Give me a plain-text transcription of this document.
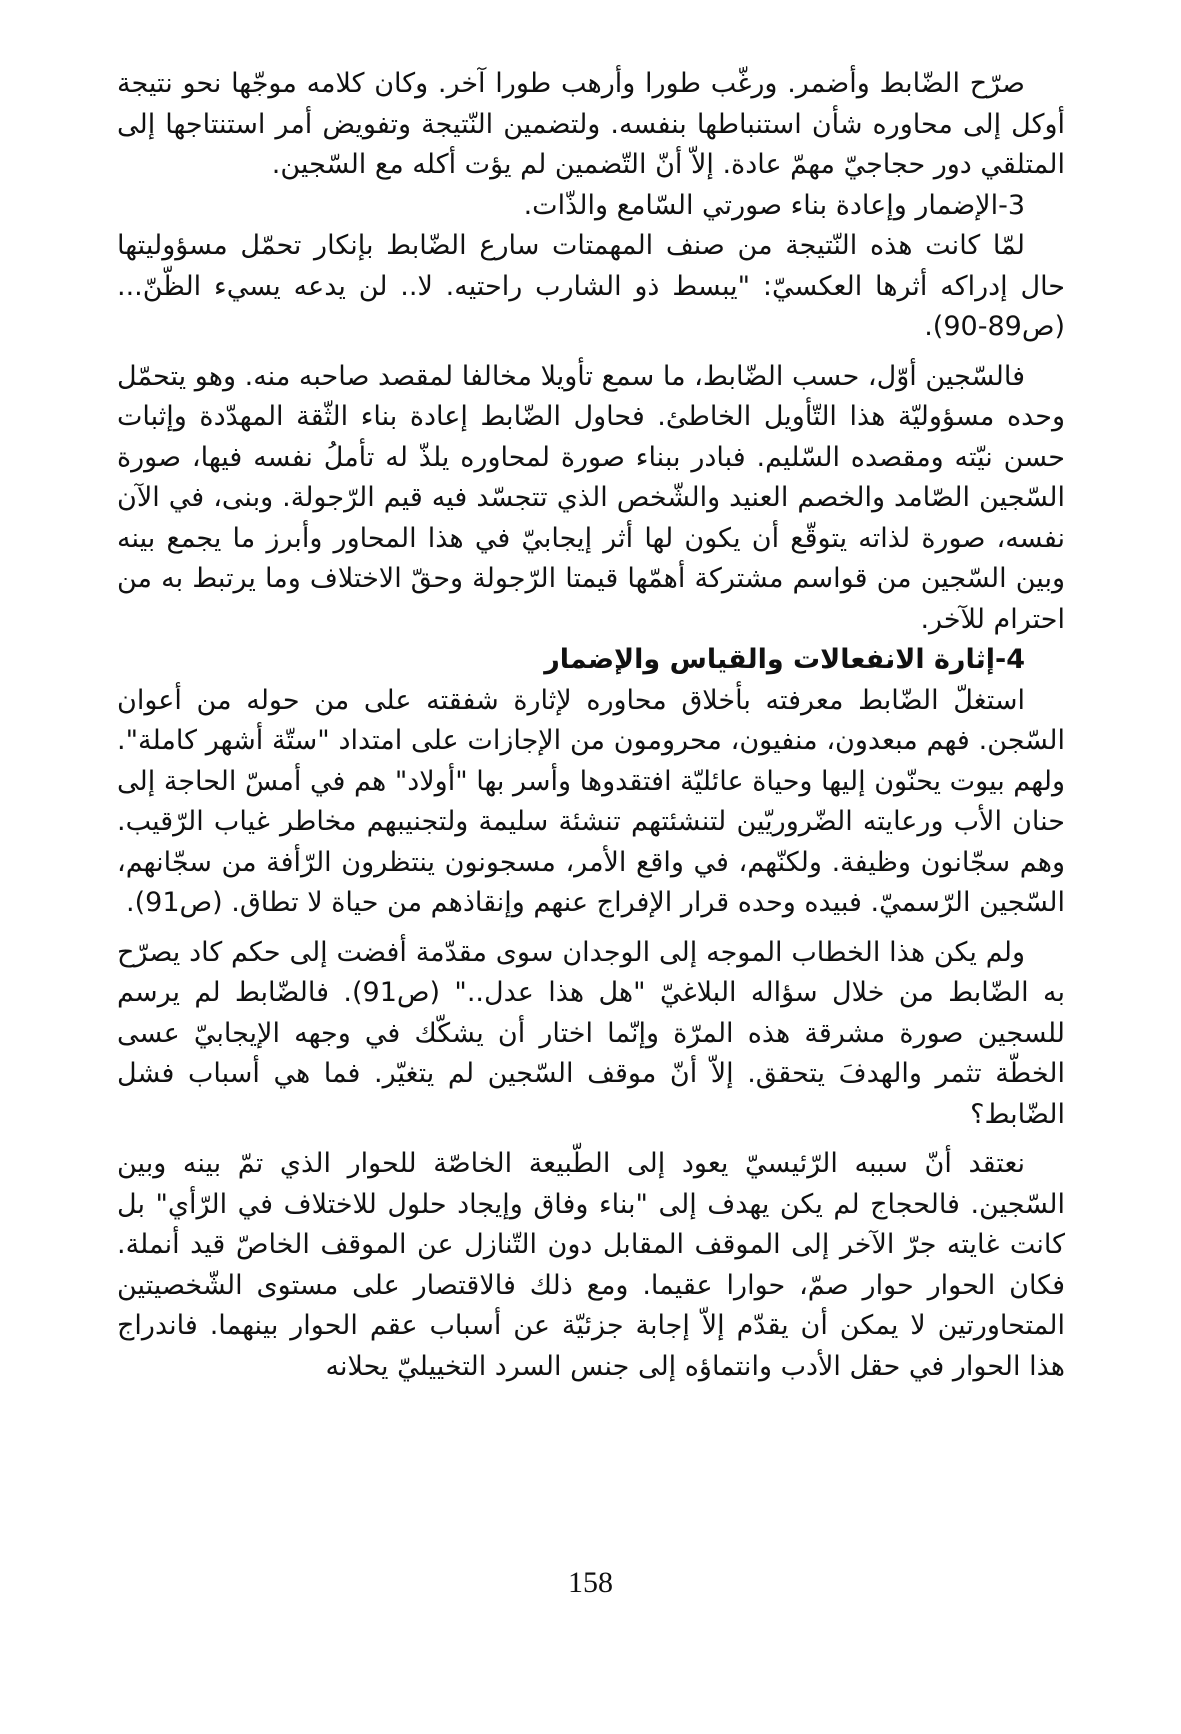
صرّح الضّابط وأضمر. ورغّب طورا وأرهب طورا آخر. وكان كلامه موجّها نحو نتيجة أوكل إلى محاوره شأن استنباطها بنفسه. ولتضمين النّتيجة وتفويض أمر استنتاجها إلى المتلقي دور حجاجيّ مهمّ عادة. إلاّ أنّ التّضمين لم يؤت أكله مع السّجين.

3-الإضمار وإعادة بناء صورتي السّامع والذّات.

لمّا كانت هذه النّتيجة من صنف المهمتات سارع الضّابط بإنكار تحمّل مسؤوليتها حال إدراكه أثرها العكسيّ: "يبسط ذو الشارب راحتيه. لا.. لن يدعه يسيء الظّنّ... (ص89-90).

فالسّجين أوّل، حسب الضّابط، ما سمع تأويلا مخالفا لمقصد صاحبه منه. وهو يتحمّل وحده مسؤوليّة هذا التّأويل الخاطئ. فحاول الضّابط إعادة بناء الثّقة المهدّدة وإثبات حسن نيّته ومقصده السّليم. فبادر ببناء صورة لمحاوره يلذّ له تأملُ نفسه فيها، صورة السّجين الصّامد والخصم العنيد والشّخص الذي تتجسّد فيه قيم الرّجولة. وبنى، في الآن نفسه، صورة لذاته يتوقّع أن يكون لها أثر إيجابيّ في هذا المحاور وأبرز ما يجمع بينه وبين السّجين من قواسم مشتركة أهمّها قيمتا الرّجولة وحقّ الاختلاف وما يرتبط به من احترام للآخر.

4-إثارة الانفعالات والقياس والإضمار

استغلّ الضّابط معرفته بأخلاق محاوره لإثارة شفقته على من حوله من أعوان السّجن. فهم مبعدون، منفيون، محرومون من الإجازات على امتداد "ستّة أشهر كاملة". ولهم بيوت يحنّون إليها وحياة عائليّة افتقدوها وأسر بها "أولاد" هم في أمسّ الحاجة إلى حنان الأب ورعايته الضّروريّين لتنشئتهم تنشئة سليمة ولتجنيبهم مخاطر غياب الرّقيب. وهم سجّانون وظيفة. ولكنّهم، في واقع الأمر، مسجونون ينتظرون الرّأفة من سجّانهم، السّجين الرّسميّ. فبيده وحده قرار الإفراج عنهم وإنقاذهم من حياة لا تطاق. (ص91).

ولم يكن هذا الخطاب الموجه إلى الوجدان سوى مقدّمة أفضت إلى حكم كاد يصرّح به الضّابط من خلال سؤاله البلاغيّ "هل هذا عدل.." (ص91). فالضّابط لم يرسم للسجين صورة مشرقة هذه المرّة وإنّما اختار أن يشكّك في وجهه الإيجابيّ عسى الخطّة تثمر والهدفَ يتحقق. إلاّ أنّ موقف السّجين لم يتغيّر. فما هي أسباب فشل الضّابط؟

نعتقد أنّ سببه الرّئيسيّ يعود إلى الطّبيعة الخاصّة للحوار الذي تمّ بينه وبين السّجين. فالحجاج لم يكن يهدف إلى "بناء وفاق وإيجاد حلول للاختلاف في الرّأي" بل كانت غايته جرّ الآخر إلى الموقف المقابل دون التّنازل عن الموقف الخاصّ قيد أنملة. فكان الحوار حوار صمّ، حوارا عقيما. ومع ذلك فالاقتصار على مستوى الشّخصيتين المتحاورتين لا يمكن أن يقدّم إلاّ إجابة جزئيّة عن أسباب عقم الحوار بينهما. فاندراج هذا الحوار في حقل الأدب وانتماؤه إلى جنس السرد التخييليّ يحلانه

158
